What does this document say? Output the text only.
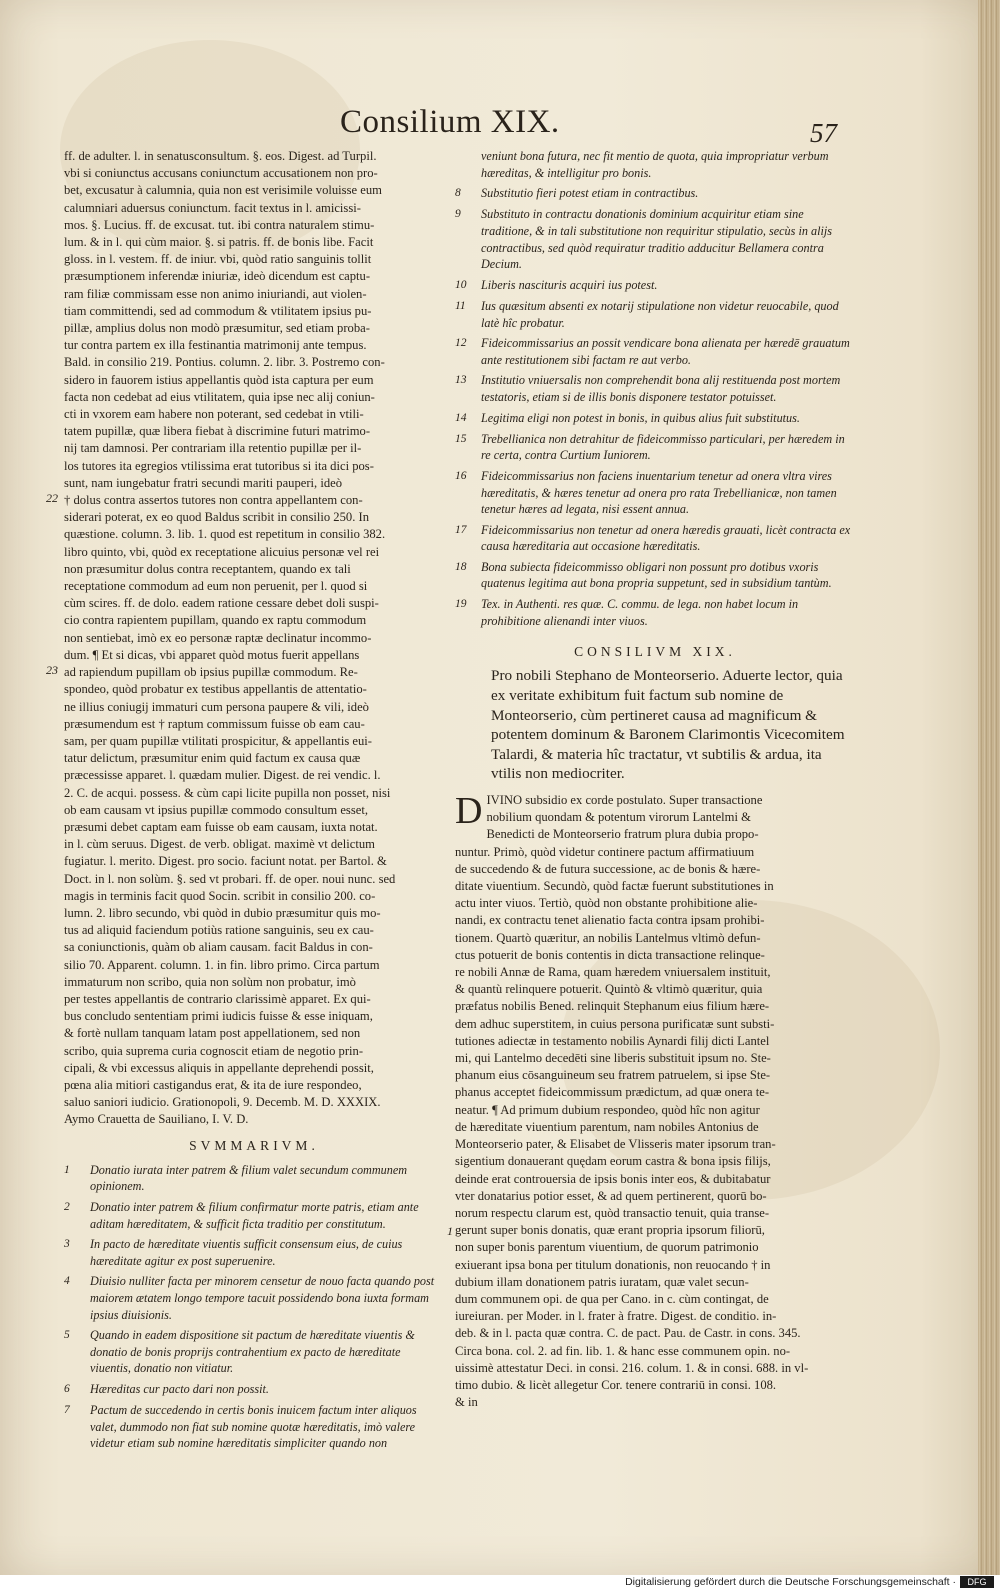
Consilium XIX.	57

ff. de adulter. l. in senatusconsultum. §. eos. Digest. ad Turpil.

vbi si coniunctus accusans coniunctum accusationem non pro-

bet, excusatur à calumnia, quia non est verisimile voluisse eum

calumniari aduersus coniunctum. facit textus in l. amicissi-

mos. §. Lucius. ff. de excusat. tut. ibi contra naturalem stimu-

lum. & in l. qui cùm maior. §. si patris. ff. de bonis libe. Facit

gloss. in l. vestem. ff. de iniur. vbi, quòd ratio sanguinis tollit

præsumptionem inferendæ iniuriæ, ideò dicendum est captu-

ram filiæ commissam esse non animo iniuriandi, aut violen-

tiam committendi, sed ad commodum & vtilitatem ipsius pu-

pillæ, amplius dolus non modò præsumitur, sed etiam proba-

tur contra partem ex illa festinantia matrimonij ante tempus.

Bald. in consilio 219. Pontius. column. 2. libr. 3. Postremo con-

sidero in fauorem istius appellantis quòd ista captura per eum

facta non cedebat ad eius vtilitatem, quia ipse nec alij coniun-

cti in vxorem eam habere non poterant, sed cedebat in vtili-

tatem pupillæ, quæ libera fiebat à discrimine futuri matrimo-

nij tam damnosi. Per contrariam illa retentio pupillæ per il-

los tutores ita egregios vtilissima erat tutoribus si ita dici pos-

sunt, nam iungebatur fratri secundi mariti pauperi, ideò

† dolus contra assertos tutores non contra appellantem con-

siderari poterat, ex eo quod Baldus scribit in consilio 250. In

quæstione. column. 3. lib. 1. quod est repetitum in consilio 382.

libro quinto, vbi, quòd ex receptatione alicuius personæ vel rei

non præsumitur dolus contra receptantem, quando ex tali

receptatione commodum ad eum non peruenit, per l. quod si

cùm scires. ff. de dolo. eadem ratione cessare debet doli suspi-

cio contra rapientem pupillam, quando ex raptu commodum

non sentiebat, imò ex eo personæ raptæ declinatur incommo-

dum. ¶ Et si dicas, vbi apparet quòd motus fuerit appellans

ad rapiendum pupillam ob ipsius pupillæ commodum. Re-

spondeo, quòd probatur ex testibus appellantis de attentatio-

ne illius coniugij immaturi cum persona paupere & vili, ideò

præsumendum est † raptum commissum fuisse ob eam cau-

sam, per quam pupillæ vtilitati prospicitur, & appellantis eui-

tatur delictum, præsumitur enim quid factum ex causa quæ

præcessisse apparet. l. quædam mulier. Digest. de rei vendic. l.

2. C. de acqui. possess. & cùm capi licite pupilla non posset, nisi

ob eam causam vt ipsius pupillæ commodo consultum esset,

præsumi debet captam eam fuisse ob eam causam, iuxta notat.

in l. cùm seruus. Digest. de verb. obligat. maximè vt delictum

fugiatur. l. merito. Digest. pro socio. faciunt notat. per Bartol. &

Doct. in l. non solùm. §. sed vt probari. ff. de oper. noui nunc. sed

magis in terminis facit quod Socin. scribit in consilio 200. co-

lumn. 2. libro secundo, vbi quòd in dubio præsumitur quis mo-

tus ad aliquid faciendum potiùs ratione sanguinis, seu ex cau-

sa coniunctionis, quàm ob aliam causam. facit Baldus in con-

silio 70. Apparent. column. 1. in fin. libro primo. Circa partum

immaturum non scribo, quia non solùm non probatur, imò

per testes appellantis de contrario clarissimè apparet. Ex qui-

bus concludo sententiam primi iudicis fuisse & esse iniquam,

& fortè nullam tanquam latam post appellationem, sed non

scribo, quia suprema curia cognoscit etiam de negotio prin-

cipali, & vbi excessus aliquis in appellante deprehendi possit,

pœna alia mitiori castigandus erat, & ita de iure respondeo,

saluo saniori iudicio. Grationopoli, 9. Decemb. M. D. XXXIX.

Aymo Crauetta de Sauiliano, I. V. D.

SVMMARIVM.

1	Donatio iurata inter patrem & filium valet secundum communem opinionem.

2	Donatio inter patrem & filium confirmatur morte patris, etiam ante aditam hæreditatem, & sufficit ficta traditio per constitutum.

3	In pacto de hæreditate viuentis sufficit consensum eius, de cuius hæreditate agitur ex post superuenire.

4	Diuisio nulliter facta per minorem censetur de nouo facta quando post maiorem ætatem longo tempore tacuit possidendo bona iuxta formam ipsius diuisionis.

5	Quando in eadem dispositione sit pactum de hæreditate viuentis & donatio de bonis proprijs contrahentium ex pacto de hæreditate viuentis, donatio non vitiatur.

6	Hæreditas cur pacto dari non possit.

7	Pactum de succedendo in certis bonis inuicem factum inter aliquos valet, dummodo non fiat sub nomine quotæ hæreditatis, imò valere videtur etiam sub nomine hæreditatis simpliciter quando non

22
23

veniunt bona futura, nec fit mentio de quota, quia impropriatur verbum hæreditas, & intelligitur pro bonis.

8	Substitutio fieri potest etiam in contractibus.

9	Substituto in contractu donationis dominium acquiritur etiam sine traditione, & in tali substitutione non requiritur stipulatio, secùs in alijs contractibus, sed quòd requiratur traditio adducitur Bellamera contra Decium.

10	Liberis nascituris acquiri ius potest.

11	Ius quæsitum absenti ex notarij stipulatione non videtur reuocabile, quod latè hîc probatur.

12	Fideicommissarius an possit vendicare bona alienata per hæredē grauatum ante restitutionem sibi factam re aut verbo.

13	Institutio vniuersalis non comprehendit bona alij restituenda post mortem testatoris, etiam si de illis bonis disponere testator potuisset.

14	Legitima eligi non potest in bonis, in quibus alius fuit substitutus.

15	Trebellianica non detrahitur de fideicommisso particulari, per hæredem in re certa, contra Curtium Iuniorem.

16	Fideicommissarius non faciens inuentarium tenetur ad onera vltra vires hæreditatis, & hæres tenetur ad onera pro rata Trebellianicæ, non tamen tenetur hæres ad legata, nisi essent annua.

17	Fideicommissarius non tenetur ad onera hæredis grauati, licèt contracta ex causa hæreditaria aut occasione hæreditatis.

18	Bona subiecta fideicommisso obligari non possunt pro dotibus vxoris quatenus legitima aut bona propria suppetunt, sed in subsidium tantùm.

19	Tex. in Authenti. res quæ. C. commu. de lega. non habet locum in prohibitione alienandi inter viuos.

CONSILIVM XIX.

Pro nobili Stephano de Monteorserio. Aduerte lector, quia ex veritate exhibitum fuit factum sub nomine de Monteorserio, cùm pertineret causa ad magnificum & potentem dominum & Baronem Clarimontis Vicecomitem Talardi, & materia hîc tractatur, vt subtilis & ardua, ita vtilis non mediocriter.

D IVINO subsidio ex corde postulato. Super transactione

nobilium quondam & potentum virorum Lantelmi &

Benedicti de Monteorserio fratrum plura dubia propo-

nuntur. Primò, quòd videtur continere pactum affirmatiuum

de succedendo & de futura successione, ac de bonis & hære-

ditate viuentium. Secundò, quòd factæ fuerunt substitutiones in

actu inter viuos. Tertiò, quòd non obstante prohibitione alie-

nandi, ex contractu tenet alienatio facta contra ipsam prohibi-

tionem. Quartò quæritur, an nobilis Lantelmus vltimò defun-

ctus potuerit de bonis contentis in dicta transactione relinque-

re nobili Annæ de Rama, quam hæredem vniuersalem instituit,

& quantù relinquere potuerit. Quintò & vltimò quæritur, quia

præfatus nobilis Bened. relinquit Stephanum eius filium hære-

dem adhuc superstitem, in cuius persona purificatæ sunt substi-

tutiones adiectæ in testamento nobilis Aynardi filij dicti Lantel

mi, qui Lantelmo decedēti sine liberis substituit ipsum no. Ste-

phanum eius cōsanguineum seu fratrem patruelem, si ipse Ste-

phanus acceptet fideicommissum prædictum, ad quæ onera te-

neatur. ¶ Ad primum dubium respondeo, quòd hîc non agitur

de hæreditate viuentium parentum, nam nobiles Antonius de

Monteorserio pater, & Elisabet de Vlisseris mater ipsorum tran-

sigentium donauerant quędam eorum castra & bona ipsis filijs,

deinde erat controuersia de ipsis bonis inter eos, & dubitabatur

vter donatarius potior esset, & ad quem pertinerent, quorū bo-

norum respectu clarum est, quòd transactio tenuit, quia transe-

gerunt super bonis donatis, quæ erant propria ipsorum filiorū,

non super bonis parentum viuentium, de quorum patrimonio

exiuerant ipsa bona per titulum donationis, non reuocando † in

dubium illam donationem patris iuratam, quæ valet secun-

dum communem opi. de qua per Cano. in c. cùm contingat, de

iureiuran. per Moder. in l. frater à fratre. Digest. de conditio. in-

deb. & in l. pacta quæ contra. C. de pact. Pau. de Castr. in cons. 345.

Circa bona. col. 2. ad fin. lib. 1. & hanc esse communem opin. no-

uissimè attestatur Deci. in consi. 216. colum. 1. & in consi. 688. in vl-

timo dubio. & licèt allegetur Cor. tenere contrariū in consi. 108.

& in

1
Digitalisierung gefördert durch die Deutsche Forschungsgemeinschaft ·	DFG
